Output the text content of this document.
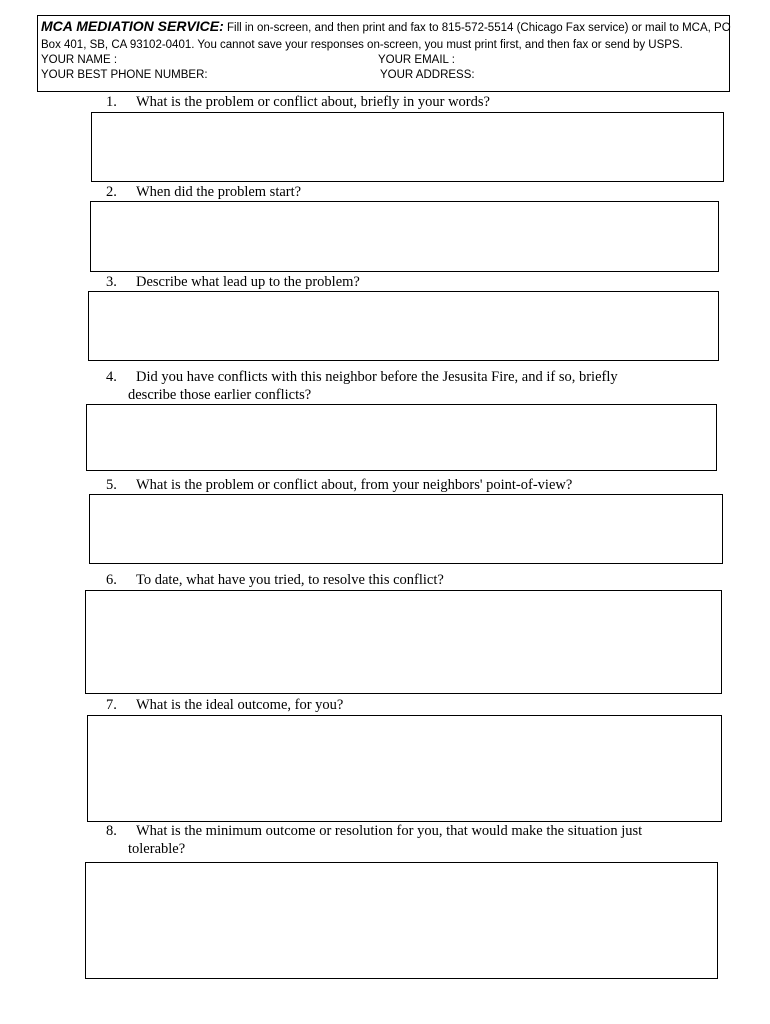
MCA MEDIATION SERVICE: Fill in on-screen, and then print and fax to 815-572-5514 (Chicago Fax service) or mail to MCA, PO
Box 401, SB, CA 93102-0401. You cannot save your responses on-screen, you must print first, and then fax or send by USPS.
YOUR NAME :	YOUR EMAIL :
YOUR BEST PHONE NUMBER:	YOUR ADDRESS:
1. What is the problem or conflict about, briefly in your words?
2. When did the problem start?
3. Describe what lead up to the problem?
4. Did you have conflicts with this neighbor before the Jesusita Fire, and if so, briefly
describe those earlier conflicts?
5. What is the problem or conflict about, from your neighbors' point-of-view?
6. To date, what have you tried, to resolve this conflict?
7. What is the ideal outcome, for you?
8. What is the minimum outcome or resolution for you, that would make the situation just
tolerable?
